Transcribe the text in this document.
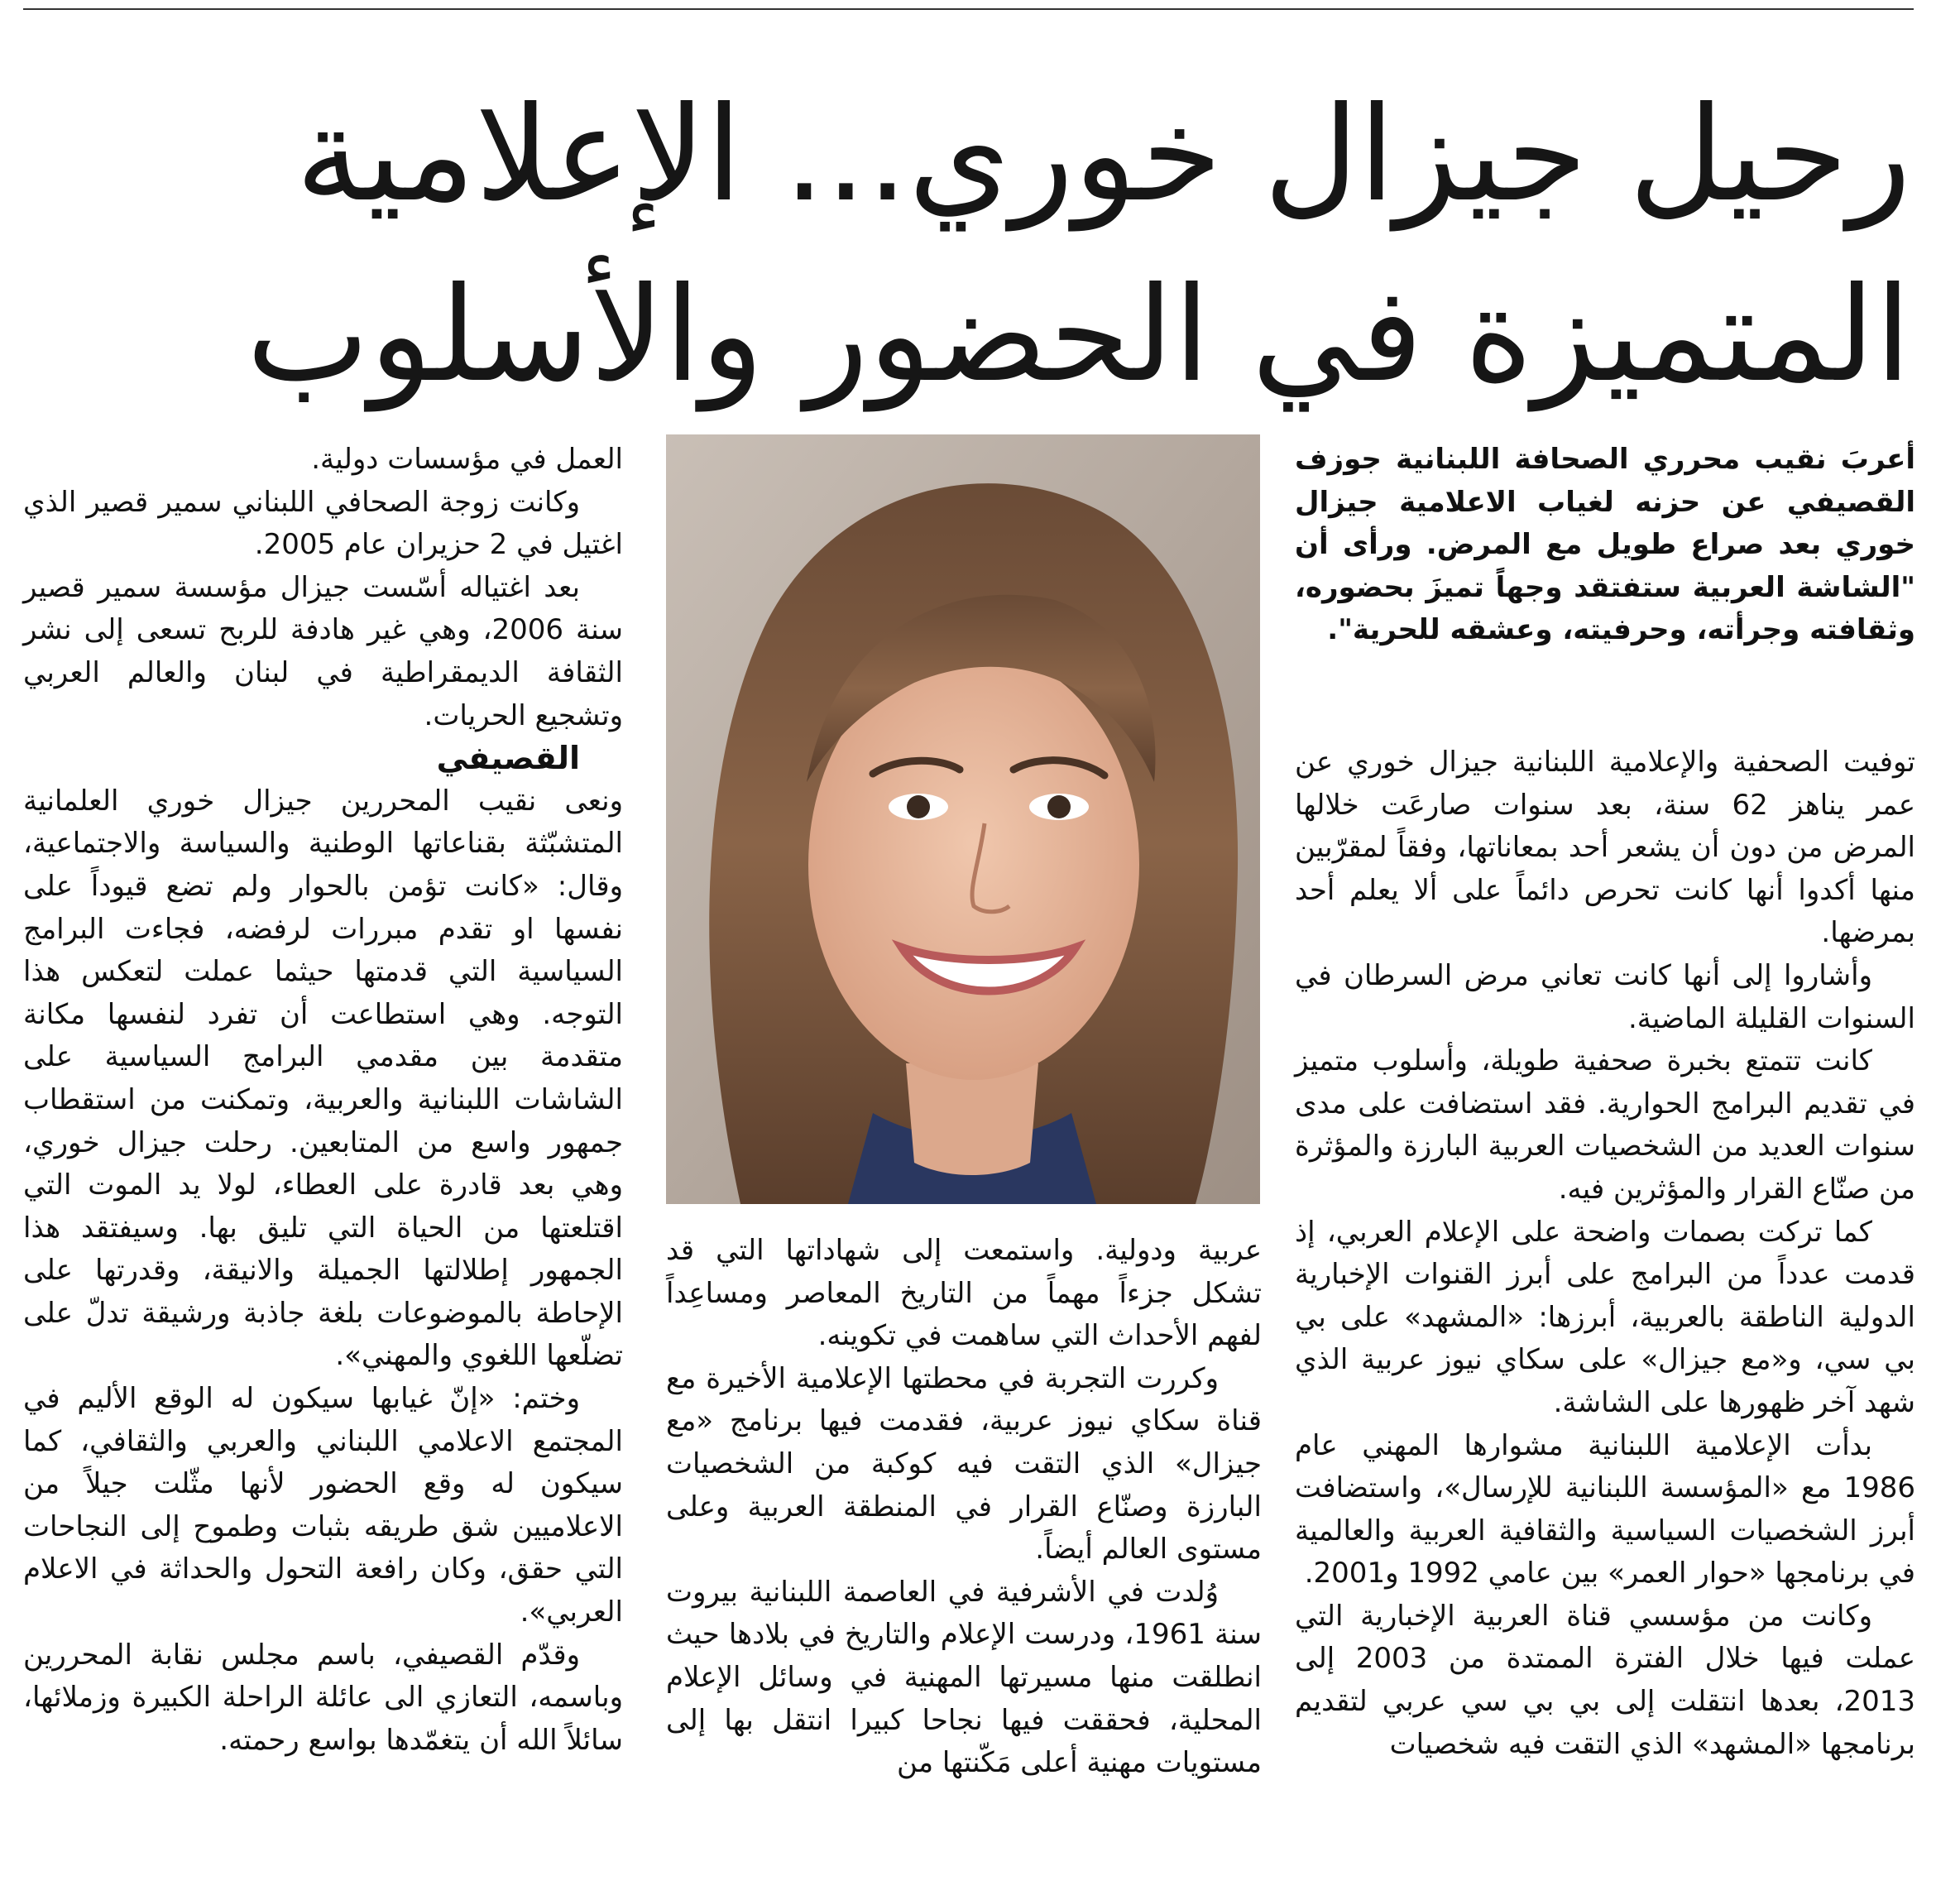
رحيل جيزال خوري... الإعلامية
المتميزة في الحضور والأسلوب

أعربَ نقيب محرري الصحافة اللبنانية جوزف القصيفي عن حزنه لغياب الاعلامية جيزال خوري بعد صراع طويل مع المرض. ورأى أن "الشاشة العربية ستفتقد وجهاً تميزَ بحضوره، وثقافته وجرأته، وحرفيته، وعشقه للحرية".

توفيت الصحفية والإعلامية اللبنانية جيزال خوري عن عمر يناهز 62 سنة، بعد سنوات صارعَت خلالها المرض من دون أن يشعر أحد بمعاناتها، وفقاً لمقرّبين منها أكدوا أنها كانت تحرص دائماً على ألا يعلم أحد بمرضها.

وأشاروا إلى أنها كانت تعاني مرض السرطان في السنوات القليلة الماضية.

كانت تتمتع بخبرة صحفية طويلة، وأسلوب متميز في تقديم البرامج الحوارية. فقد استضافت على مدى سنوات العديد من الشخصيات العربية البارزة والمؤثرة من صنّاع القرار والمؤثرين فيه.

كما تركت بصمات واضحة على الإعلام العربي، إذ قدمت عدداً من البرامج على أبرز القنوات الإخبارية الدولية الناطقة بالعربية، أبرزها: «المشهد» على بي بي سي، و«مع جيزال» على سكاي نيوز عربية الذي شهد آخر ظهورها على الشاشة.

بدأت الإعلامية اللبنانية مشوارها المهني عام 1986 مع «المؤسسة اللبنانية للإرسال»، واستضافت أبرز الشخصيات السياسية والثقافية العربية والعالمية في برنامجها «حوار العمر» بين عامي 1992 و2001.

وكانت من مؤسسي قناة العربية الإخبارية التي عملت فيها خلال الفترة الممتدة من 2003 إلى 2013، بعدها انتقلت إلى بي بي سي عربي لتقديم برنامجها «المشهد» الذي التقت فيه شخصيات

عربية ودولية. واستمعت إلى شهاداتها التي قد تشكل جزءاً مهماً من التاريخ المعاصر ومساعِداً لفهم الأحداث التي ساهمت في تكوينه.

وكررت التجربة في محطتها الإعلامية الأخيرة مع قناة سكاي نيوز عربية، فقدمت فيها برنامج «مع جيزال» الذي التقت فيه كوكبة من الشخصيات البارزة وصنّاع القرار في المنطقة العربية وعلى مستوى العالم أيضاً.

وُلدت في الأشرفية في العاصمة اللبنانية بيروت سنة 1961، ودرست الإعلام والتاريخ في بلادها حيث انطلقت منها مسيرتها المهنية في وسائل الإعلام المحلية، فحققت فيها نجاحا كبيرا انتقل بها إلى مستويات مهنية أعلى مَكّنتها من

العمل في مؤسسات دولية.

وكانت زوجة الصحافي اللبناني سمير قصير الذي اغتيل في 2 حزيران عام 2005.

بعد اغتياله أسّست جيزال مؤسسة سمير قصير سنة 2006، وهي غير هادفة للربح تسعى إلى نشر الثقافة الديمقراطية في لبنان والعالم العربي وتشجيع الحريات.

القصيفي

ونعى نقيب المحررين جيزال خوري العلمانية المتشبّثة بقناعاتها الوطنية والسياسة والاجتماعية، وقال: «كانت تؤمن بالحوار ولم تضع قيوداً على نفسها او تقدم مبررات لرفضه، فجاءت البرامج السياسية التي قدمتها حيثما عملت لتعكس هذا التوجه. وهي استطاعت أن تفرد لنفسها مكانة متقدمة بين مقدمي البرامج السياسية على الشاشات اللبنانية والعربية، وتمكنت من استقطاب جمهور واسع من المتابعين. رحلت جيزال خوري، وهي بعد قادرة على العطاء، لولا يد الموت التي اقتلعتها من الحياة التي تليق بها. وسيفتقد هذا الجمهور إطلالتها الجميلة والانيقة، وقدرتها على الإحاطة بالموضوعات بلغة جاذبة ورشيقة تدلّ على تضلّعها اللغوي والمهني».

وختم: «إنّ غيابها سيكون له الوقع الأليم في المجتمع الاعلامي اللبناني والعربي والثقافي، كما سيكون له وقع الحضور لأنها مثّلت جيلاً من الاعلاميين شق طريقه بثبات وطموح إلى النجاحات التي حقق، وكان رافعة التحول والحداثة في الاعلام العربي».

وقدّم القصيفي، باسم مجلس نقابة المحررين وباسمه، التعازي الى عائلة الراحلة الكبيرة وزملائها، سائلاً الله أن يتغمّدها بواسع رحمته.
